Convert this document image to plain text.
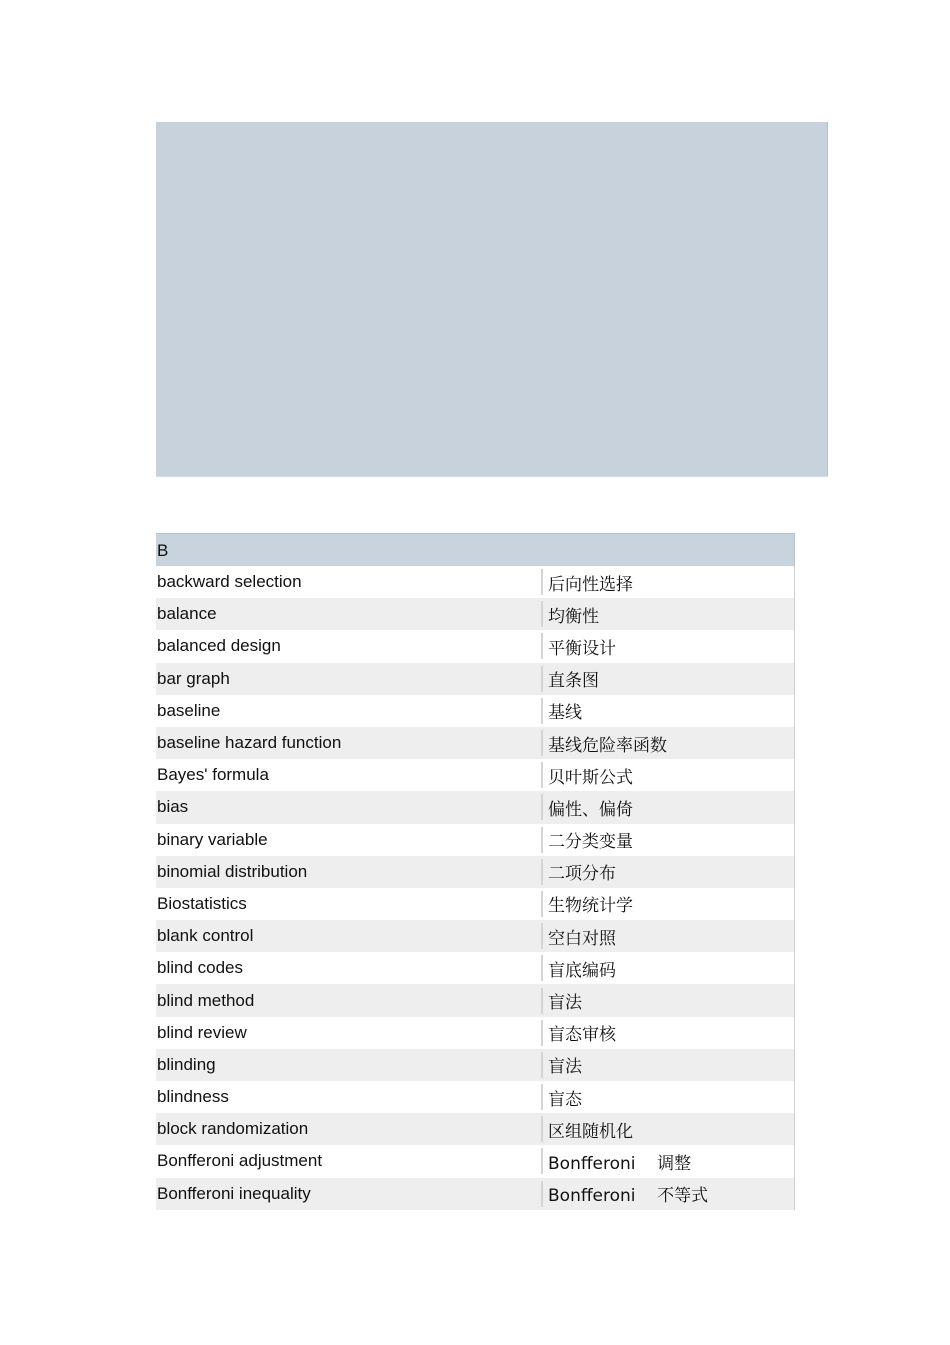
B
backward selection	后向性选择
balance	均衡性
balanced design	平衡设计
bar graph	直条图
baseline	基线
baseline hazard function	基线危险率函数
Bayes' formula	贝叶斯公式
bias	偏性、偏倚
binary variable	二分类变量
binomial distribution	二项分布
Biostatistics	生物统计学
blank control	空白对照
blind codes	盲底编码
blind method	盲法
blind review	盲态审核
blinding	盲法
blindness	盲态
block randomization	区组随机化
Bonfferoni adjustment	Bonfferoni    调整
Bonfferoni inequality	Bonfferoni    不等式
